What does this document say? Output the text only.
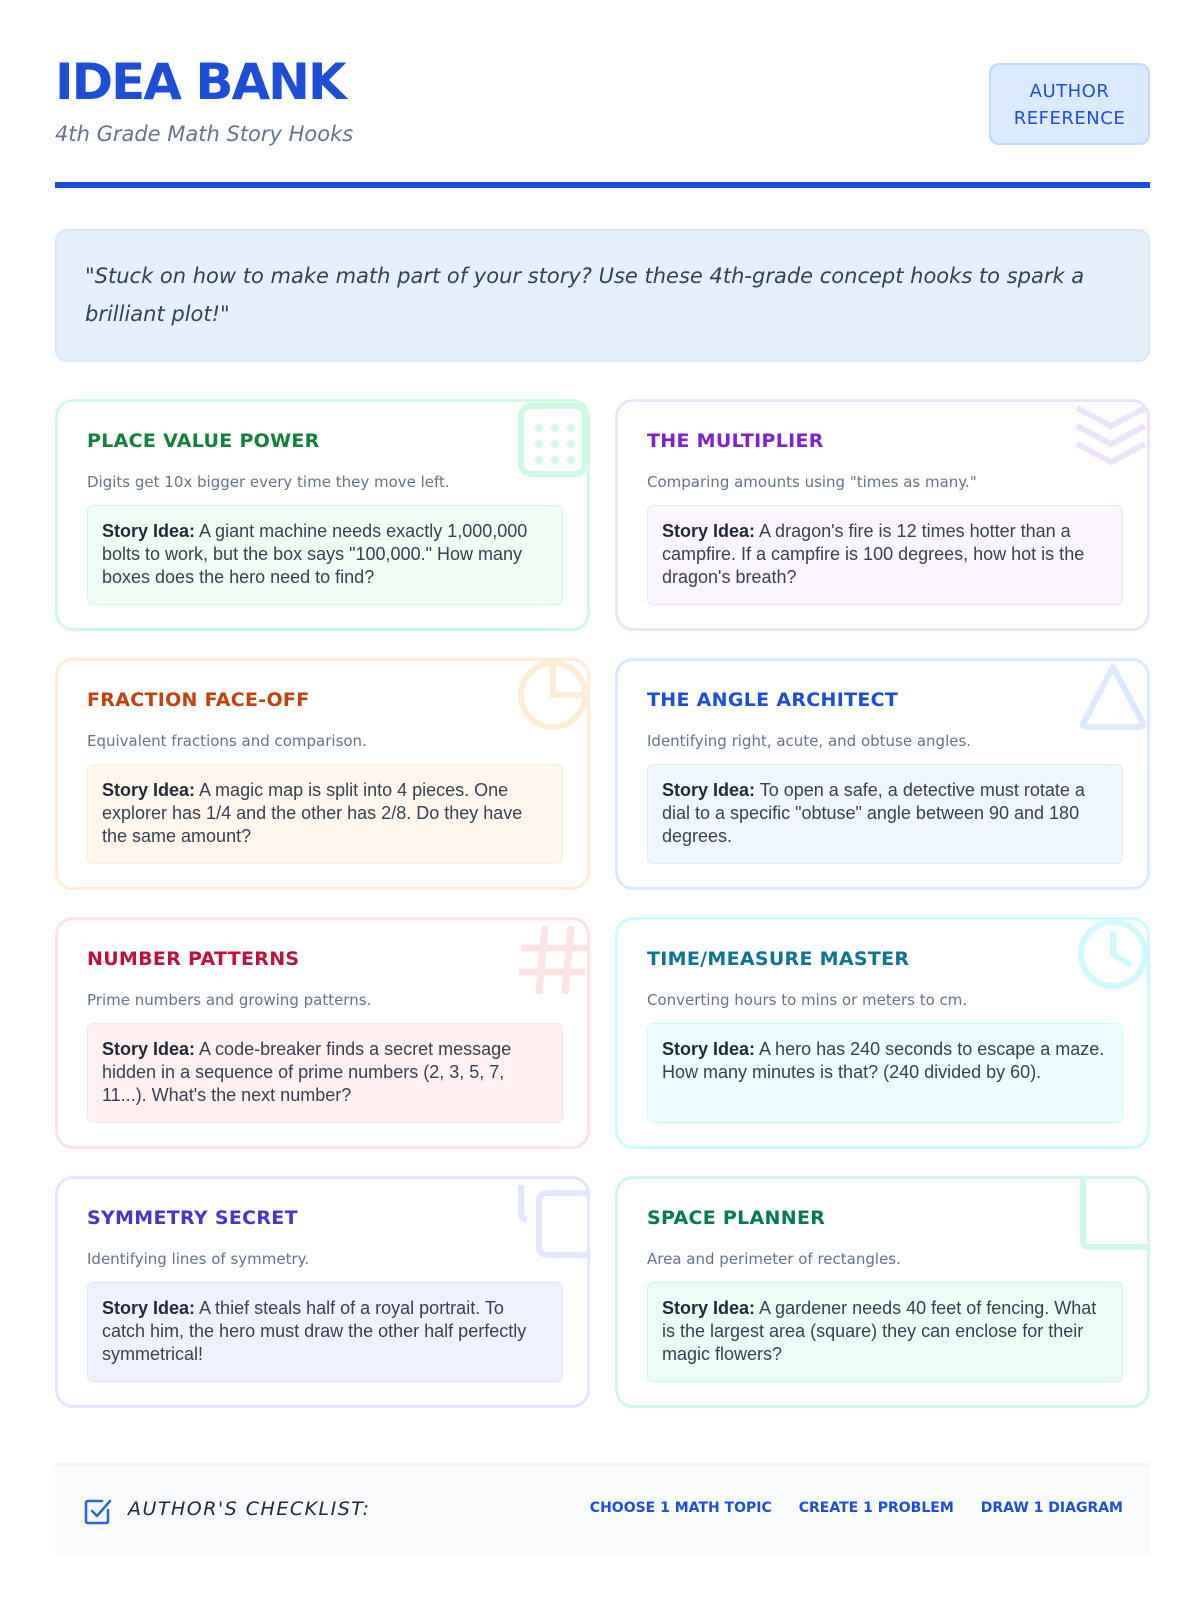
IDEA BANK
4th Grade Math Story Hooks
AUTHOR
REFERENCE

"Stuck on how to make math part of your story? Use these 4th-grade concept hooks to spark a brilliant plot!"

PLACE VALUE POWER
Digits get 10x bigger every time they move left.
Story Idea: A giant machine needs exactly 1,000,000 bolts to work, but the box says "100,000." How many boxes does the hero need to find?
THE MULTIPLIER
Comparing amounts using "times as many."
Story Idea: A dragon's fire is 12 times hotter than a campfire. If a campfire is 100 degrees, how hot is the dragon's breath?
FRACTION FACE-OFF
Equivalent fractions and comparison.
Story Idea: A magic map is split into 4 pieces. One explorer has 1/4 and the other has 2/8. Do they have the same amount?
THE ANGLE ARCHITECT
Identifying right, acute, and obtuse angles.
Story Idea: To open a safe, a detective must rotate a dial to a specific "obtuse" angle between 90 and 180 degrees.
NUMBER PATTERNS
Prime numbers and growing patterns.
Story Idea: A code-breaker finds a secret message hidden in a sequence of prime numbers (2, 3, 5, 7, 11...). What's the next number?
TIME/MEASURE MASTER
Converting hours to mins or meters to cm.
Story Idea: A hero has 240 seconds to escape a maze. How many minutes is that? (240 divided by 60).
SYMMETRY SECRET
Identifying lines of symmetry.
Story Idea: A thief steals half of a royal portrait. To catch him, the hero must draw the other half perfectly symmetrical!
SPACE PLANNER
Area and perimeter of rectangles.
Story Idea: A gardener needs 40 feet of fencing. What is the largest area (square) they can enclose for their magic flowers?
AUTHOR'S CHECKLIST:	CHOOSE 1 MATH TOPIC CREATE 1 PROBLEM DRAW 1 DIAGRAM
